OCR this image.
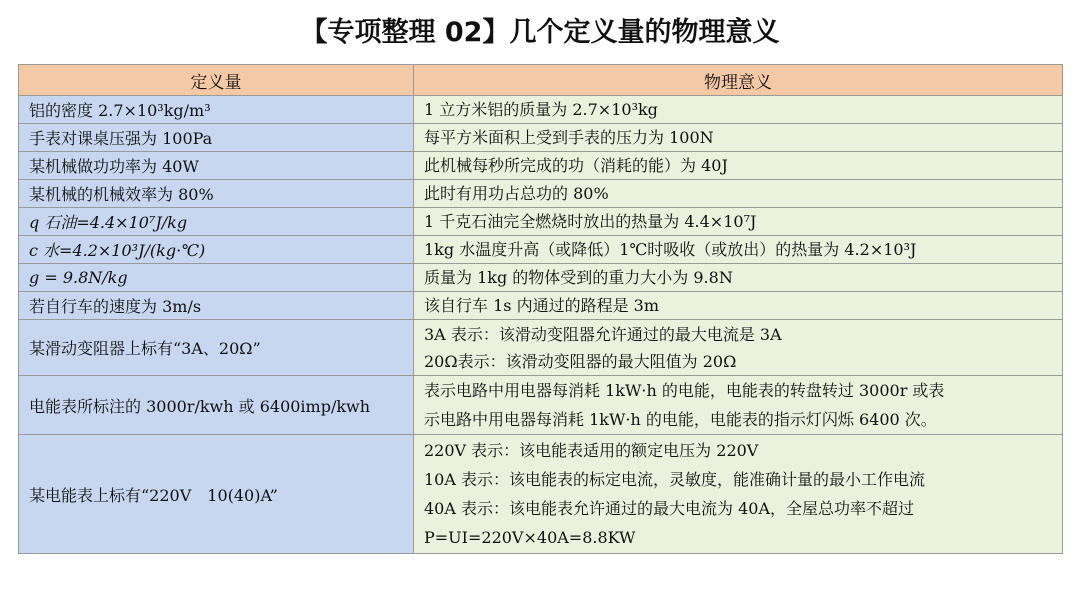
【专项整理 02】几个定义量的物理意义
定义量	物理意义
铝的密度 2.7×10³kg/m³	1 立方米铝的质量为 2.7×10³kg

手表对课桌压强为 100Pa	每平方米面积上受到手表的压力为 100N

某机械做功功率为 40W	此机械每秒所完成的功（消耗的能）为 40J

某机械的机械效率为 80%	此时有用功占总功的 80%

q 石油=4.4×10⁷J/kg	1 千克石油完全燃烧时放出的热量为 4.4×10⁷J

c 水=4.2×10³J/(kg·℃)	1kg 水温度升高（或降低）1℃时吸收（或放出）的热量为 4.2×10³J

g = 9.8N/kg	质量为 1kg 的物体受到的重力大小为 9.8N

若自行车的速度为 3m/s	该自行车 1s 内通过的路程是 3m

某滑动变阻器上标有“3A、20Ω”	3A 表示：该滑动变阻器允许通过的最大电流是 3A
20Ω表示：该滑动变阻器的最大阻值为 20Ω

电能表所标注的 3000r/kwh 或 6400imp/kwh	表示电路中用电器每消耗 1kW·h 的电能，电能表的转盘转过 3000r 或表
示电路中用电器每消耗 1kW·h 的电能，电能表的指示灯闪烁 6400 次。

某电能表上标有“220V　10(40)A”	220V 表示：该电能表适用的额定电压为 220V
10A 表示：该电能表的标定电流，灵敏度，能准确计量的最小工作电流
40A 表示：该电能表允许通过的最大电流为 40A，全屋总功率不超过
P=UI=220V×40A=8.8KW
